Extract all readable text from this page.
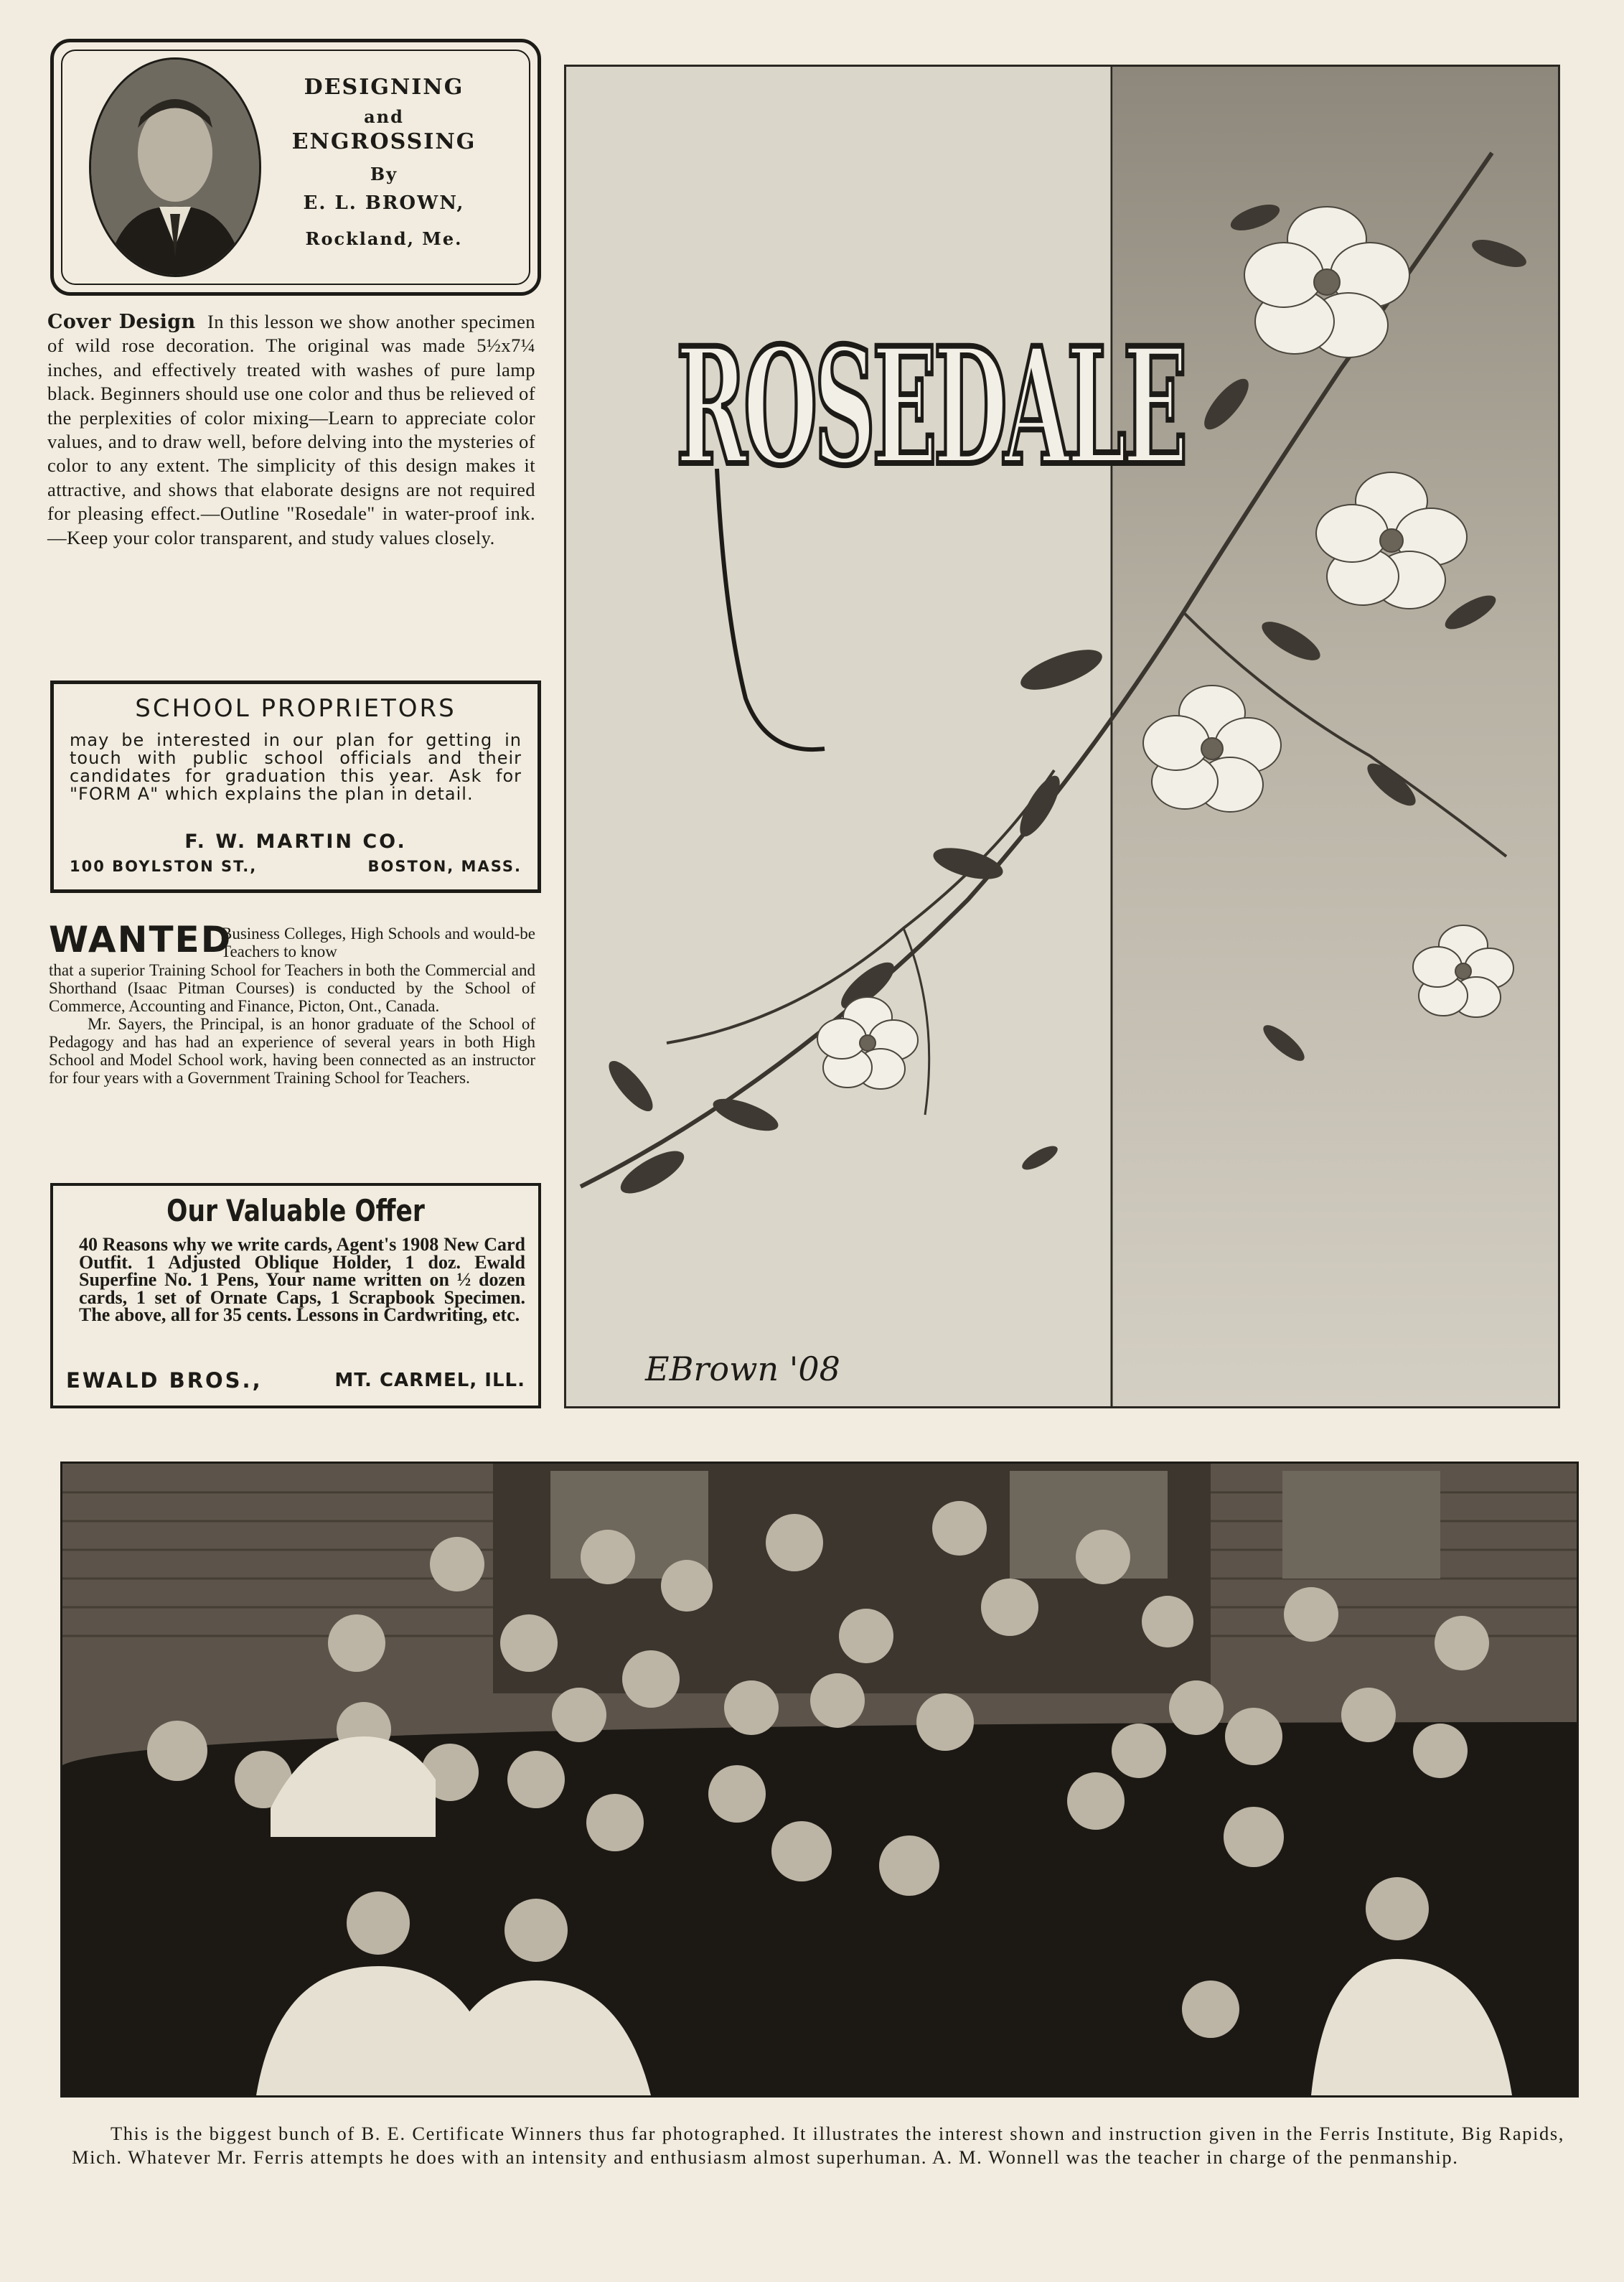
DESIGNING
and
ENGROSSING
By
E. L. BROWN,
Rockland, Me.
Cover Design In this lesson we show another specimen of wild rose decoration. The original was made 5½x7¼ inches, and effectively treated with washes of pure lamp black. Beginners should use one color and thus be relieved of the perplexities of color mixing—Learn to appreciate color values, and to draw well, before delving into the mysteries of color to any extent. The simplicity of this design makes it attractive, and shows that elaborate designs are not required for pleasing effect.—Outline "Rosedale" in water-proof ink.—Keep your color transparent, and study values closely.
SCHOOL PROPRIETORS
may be interested in our plan for getting in touch with public school officials and their candidates for graduation this year. Ask for "FORM A" which explains the plan in detail.
F. W. MARTIN CO.
100 BOYLSTON ST.,	BOSTON, MASS.
WANTED
Business Colleges, High Schools and would-be Teachers to know
that a superior Training School for Teachers in both the Commercial and Shorthand (Isaac Pitman Courses) is conducted by the School of Commerce, Accounting and Finance, Picton, Ont., Canada.
Mr. Sayers, the Principal, is an honor graduate of the School of Pedagogy and has had an experience of several years in both High School and Model School work, having been connected as an instructor for four years with a Government Training School for Teachers.
Our Valuable Offer
40 Reasons why we write cards, Agent's 1908 New Card Outfit. 1 Adjusted Oblique Holder, 1 doz. Ewald Superfine No. 1 Pens, Your name written on ½ dozen cards, 1 set of Ornate Caps, 1 Scrapbook Specimen. The above, all for 35 cents. Lessons in Cardwriting, etc.
EWALD BROS.,	MT. CARMEL, ILL.
ROSEDALE
EBrown '08
This is the biggest bunch of B. E. Certificate Winners thus far photographed. It illustrates the interest shown and instruction given in the Ferris Institute, Big Rapids, Mich. Whatever Mr. Ferris attempts he does with an intensity and enthusiasm almost superhuman. A. M. Wonnell was the teacher in charge of the penmanship.
